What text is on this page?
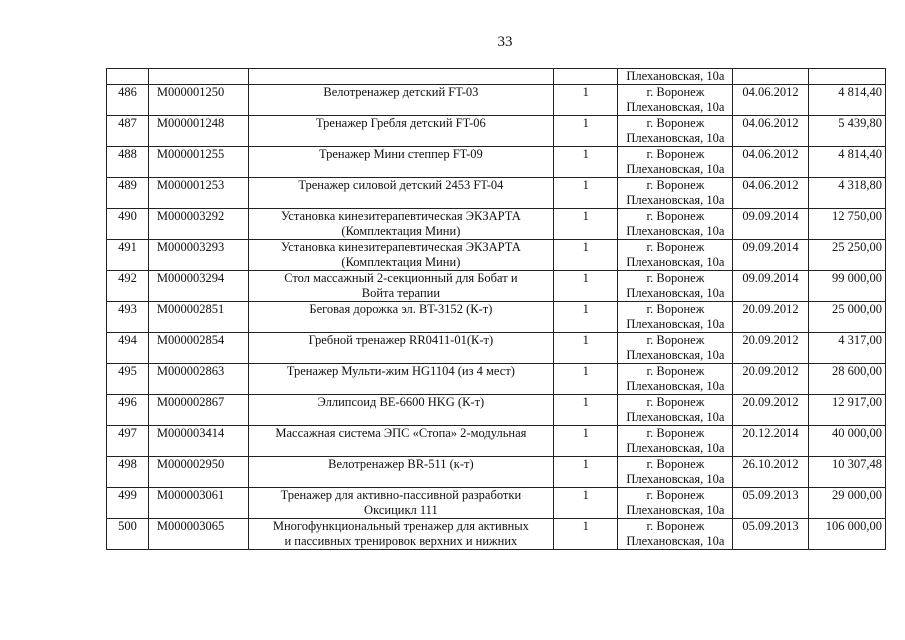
33

				Плехановская, 10а		

486	M000001250	Велотренажер детский FT-03	1	г. Воронеж
Плехановская, 10а	04.06.2012	4 814,40

487	M000001248	Тренажер Гребля детский FT-06	1	г. Воронеж
Плехановская, 10а	04.06.2012	5 439,80

488	M000001255	Тренажер Мини степпер FT-09	1	г. Воронеж
Плехановская, 10а	04.06.2012	4 814,40

489	M000001253	Тренажер силовой детский 2453 FT-04	1	г. Воронеж
Плехановская, 10а	04.06.2012	4 318,80

490	M000003292	Установка кинезитерапевтическая ЭКЗАРТА
(Комплектация Мини)	1	г. Воронеж
Плехановская, 10а	09.09.2014	12 750,00

491	M000003293	Установка кинезитерапевтическая ЭКЗАРТА
(Комплектация Мини)	1	г. Воронеж
Плехановская, 10а	09.09.2014	25 250,00

492	M000003294	Стол массажный 2-секционный для Бобат и
Войта терапии	1	г. Воронеж
Плехановская, 10а	09.09.2014	99 000,00

493	M000002851	Беговая дорожка эл. BT-3152 (К-т)	1	г. Воронеж
Плехановская, 10а	20.09.2012	25 000,00

494	M000002854	Гребной тренажер RR0411-01(К-т)	1	г. Воронеж
Плехановская, 10а	20.09.2012	4 317,00

495	M000002863	Тренажер Мульти-жим HG1104 (из 4 мест)	1	г. Воронеж
Плехановская, 10а	20.09.2012	28 600,00

496	M000002867	Эллипсоид BE-6600 HKG (К-т)	1	г. Воронеж
Плехановская, 10а	20.09.2012	12 917,00

497	M000003414	Массажная система ЭПС «Стопа» 2-модульная	1	г. Воронеж
Плехановская, 10а	20.12.2014	40 000,00

498	M000002950	Велотренажер BR-511 (к-т)	1	г. Воронеж
Плехановская, 10а	26.10.2012	10 307,48

499	M000003061	Тренажер для активно-пассивной разработки
Оксицикл 111	1	г. Воронеж
Плехановская, 10а	05.09.2013	29 000,00

500	M000003065	Многофункциональный тренажер для активных
и пассивных тренировок верхних и нижних	1	г. Воронеж
Плехановская, 10а	05.09.2013	106 000,00
